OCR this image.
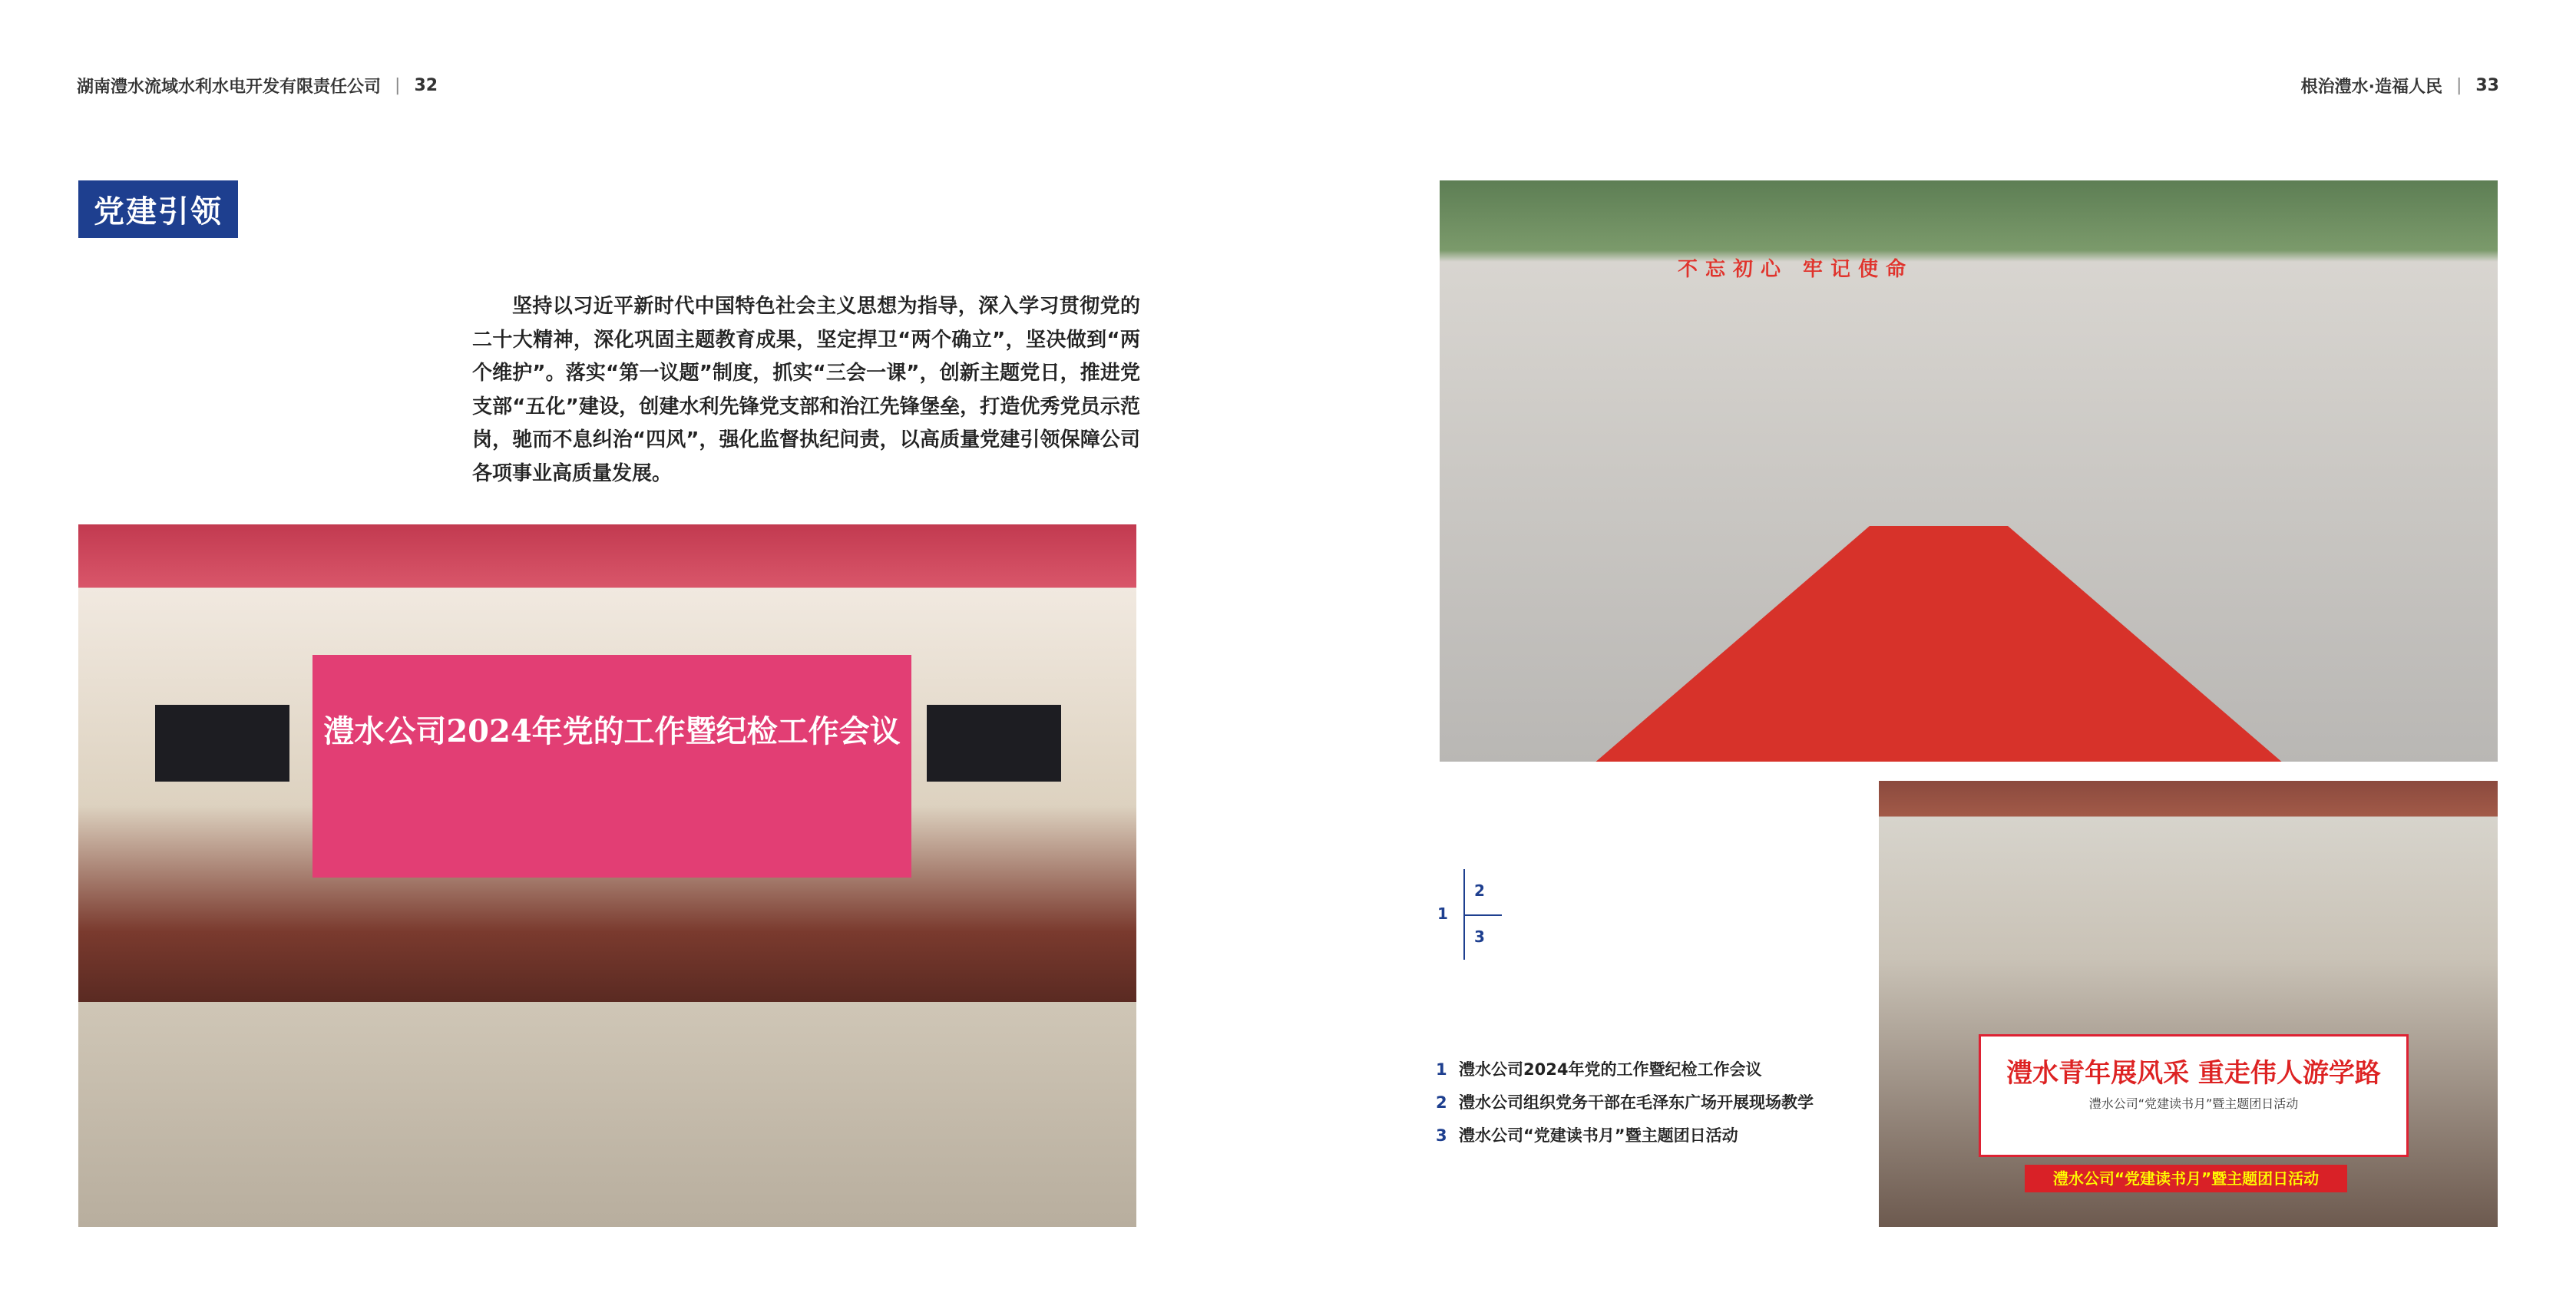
湖南澧水流域水利水电开发有限责任公司 | 32	根治澧水·造福人民 | 33
党建引领

坚持以习近平新时代中国特色社会主义思想为指导，深入学习贯彻党的二十大精神，深化巩固主题教育成果，坚定捍卫“两个确立”，坚决做到“两个维护”。落实“第一议题”制度，抓实“三会一课”，创新主题党日，推进党支部“五化”建设，创建水利先锋党支部和治江先锋堡垒，打造优秀党员示范岗，驰而不息纠治“四风”，强化监督执纪问责，以高质量党建引领保障公司各项事业高质量发展。

澧水公司2024年党的工作暨纪检工作会议
不忘初心 牢记使命
澧水青年展风采 重走伟人游学路
澧水公司“党建读书月”暨主题团日活动
澧水公司“党建读书月”暨主题团日活动
1
2
3
1 澧水公司2024年党的工作暨纪检工作会议
2 澧水公司组织党务干部在毛泽东广场开展现场教学
3 澧水公司“党建读书月”暨主题团日活动
